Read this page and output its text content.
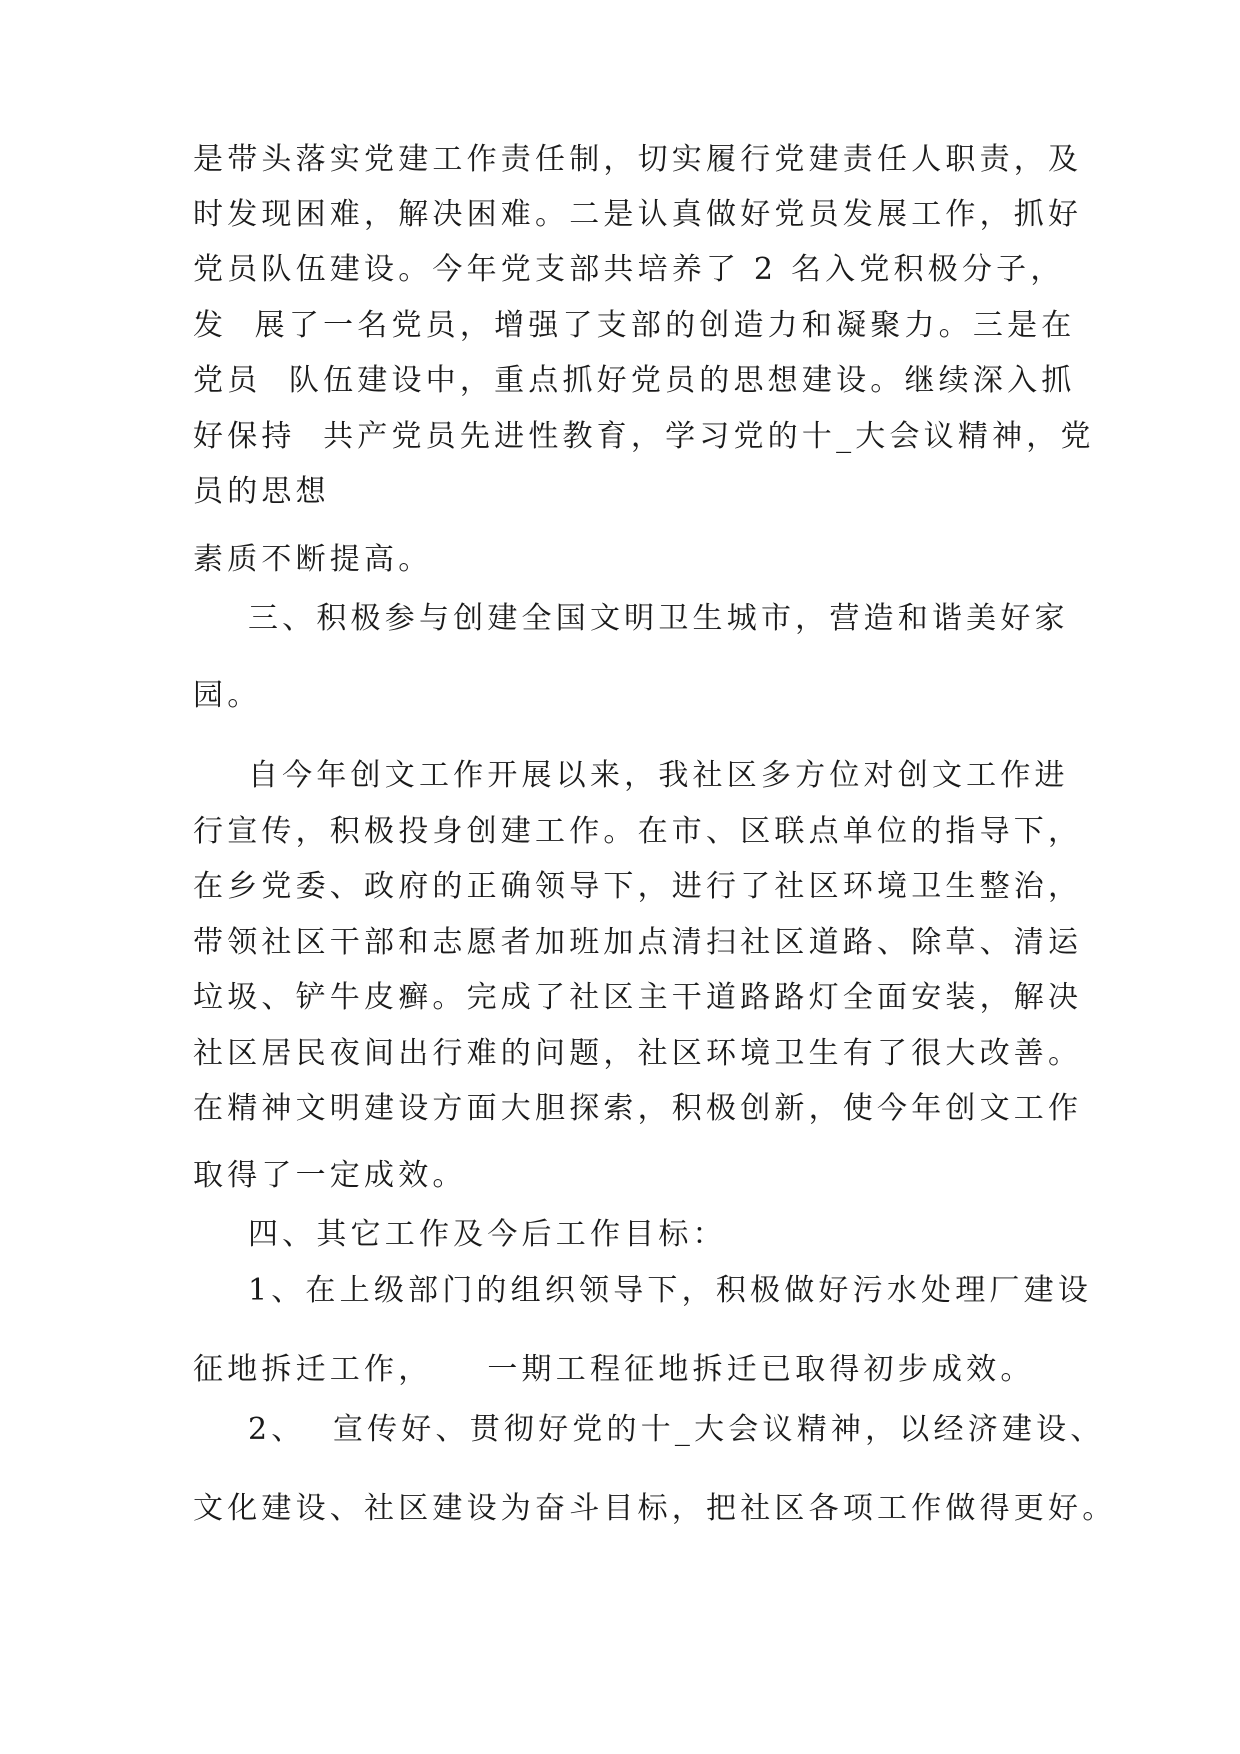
是带头落实党建工作责任制，切实履行党建责任人职责，及

时发现困难，解决困难。二是认真做好党员发展工作，抓好

党员队伍建设。今年党支部共培养了 2 名入党积极分子，

发  展了一名党员，增强了支部的创造力和凝聚力。三是在

党员  队伍建设中，重点抓好党员的思想建设。继续深入抓

好保持  共产党员先进性教育，学习党的十_大会议精神，党

员的思想

素质不断提高。

三、积极参与创建全国文明卫生城市，营造和谐美好家

园。

自今年创文工作开展以来，我社区多方位对创文工作进

行宣传，积极投身创建工作。在市、区联点单位的指导下，

在乡党委、政府的正确领导下，进行了社区环境卫生整治，

带领社区干部和志愿者加班加点清扫社区道路、除草、清运

垃圾、铲牛皮癣。完成了社区主干道路路灯全面安装，解决

社区居民夜间出行难的问题，社区环境卫生有了很大改善。

在精神文明建设方面大胆探索，积极创新，使今年创文工作

取得了一定成效。

四、其它工作及今后工作目标：

1、在上级部门的组织领导下，积极做好污水处理厂建设

征地拆迁工作，    一期工程征地拆迁已取得初步成效。

2、  宣传好、贯彻好党的十_大会议精神，以经济建设、

文化建设、社区建设为奋斗目标，把社区各项工作做得更好。
